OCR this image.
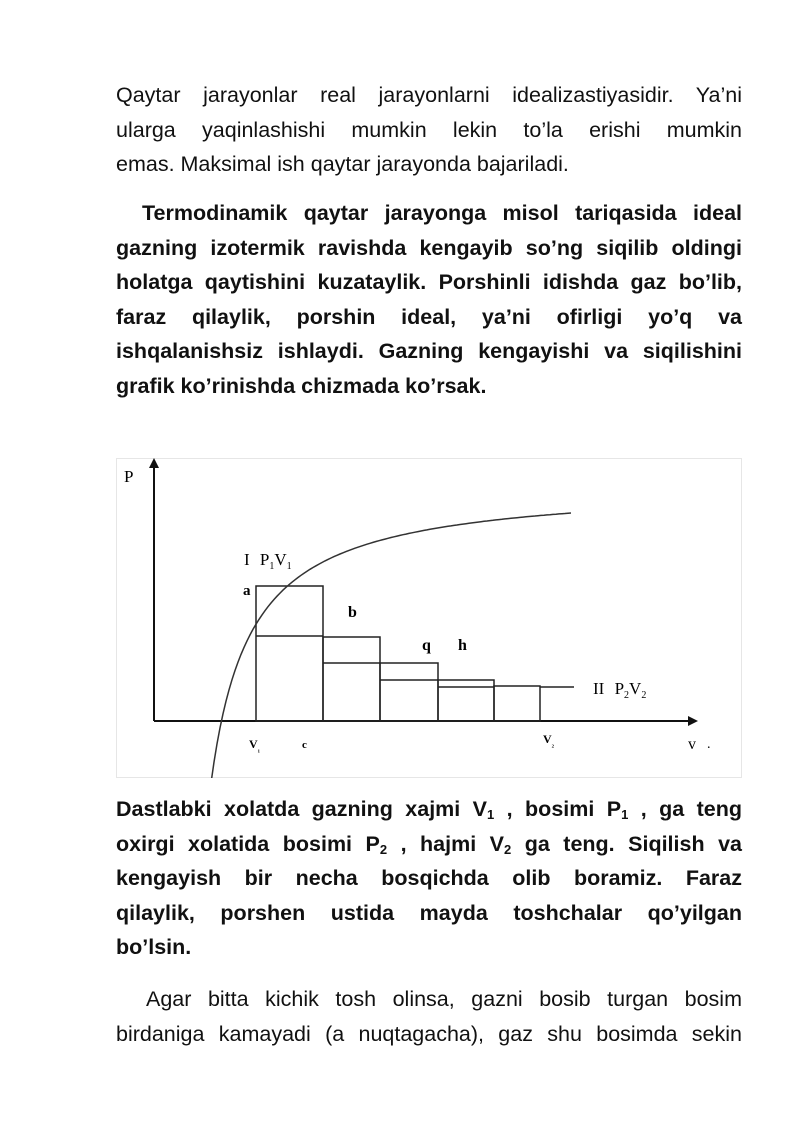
Qaytar jarayonlar real jarayonlarni idealizastiyasidir. Ya’ni
ularga yaqinlashishi mumkin lekin to’la erishi mumkin
emas. Maksimal ish qaytar jarayonda bajariladi.
Termodinamik qaytar jarayonga misol tariqasida ideal
gazning izotermik ravishda kengayib so’ng siqilib oldingi
holatga qaytishini kuzataylik. Porshinli idishda gaz bo’lib,
faraz qilaylik, porshin ideal, ya’ni ofirligi yo’q va
ishqalanishsiz ishlaydi. Gazning kengayishi va siqilishini
grafik ko’rinishda chizmada ko’rsak.
P
v .
I $P_1V_1$
II $P_2V_2$
a
b
q h
$V_{_1}$	c	$V_{_2}$
Dastlabki xolatda gazning xajmi $V_1$ , bosimi $P_1$ , ga teng
oxirgi xolatida bosimi $P_2$ , hajmi $V_2$ ga teng. Siqilish va
kengayish bir necha bosqichda olib boramiz. Faraz
qilaylik, porshen ustida mayda toshchalar qo’yilgan
bo’lsin.
Agar bitta kichik tosh olinsa, gazni bosib turgan bosim
birdaniga kamayadi (a nuqtagacha), gaz shu bosimda sekin
